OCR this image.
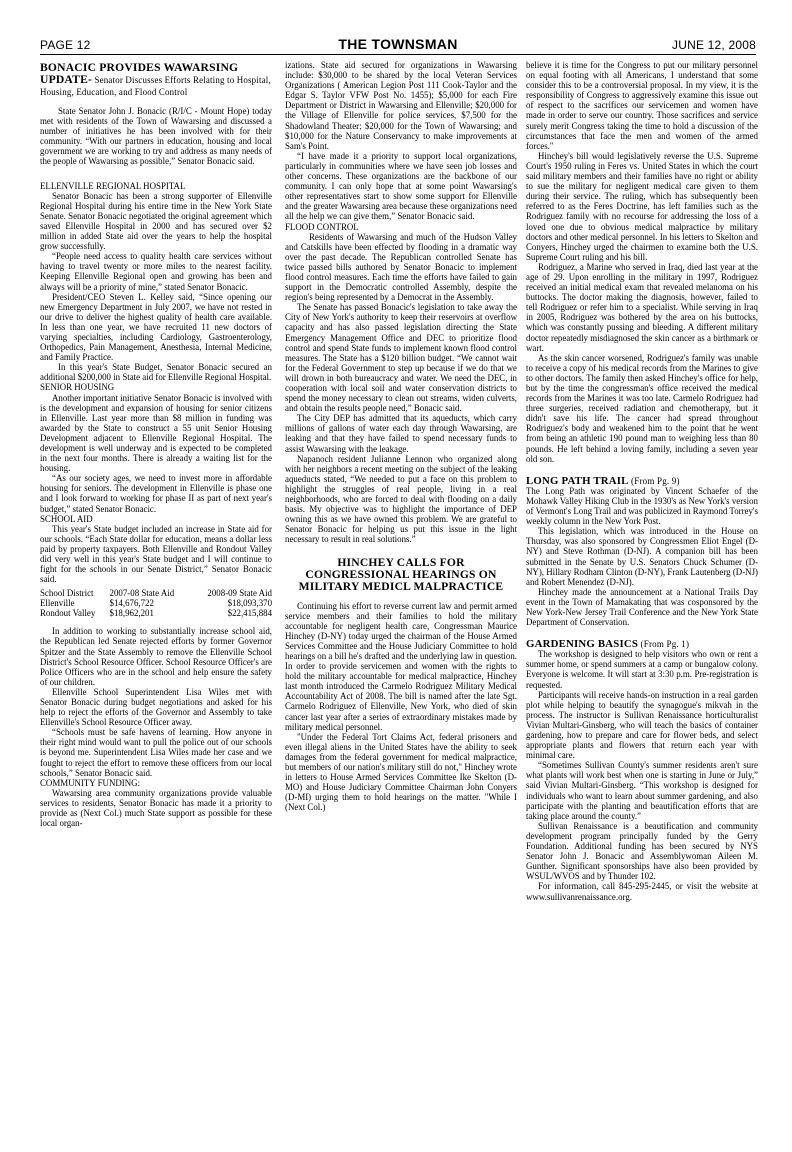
PAGE 12	THE TOWNSMAN	JUNE 12, 2008
BONACIC PROVIDES WAWARSING UPDATE- Senator Discusses Efforts Relating to Hospital, Housing, Education, and Flood Control

State Senator John J. Bonacic (R/I/C - Mount Hope) today met with residents of the Town of Wawarsing and discussed a number of initiatives he has been involved with for their community. “With our partners in education, housing and local government we are working to try and address as many needs of the people of Wawarsing as possible,” Senator Bonacic said.

ELLENVILLE REGIONAL HOSPITAL

Senator Bonacic has been a strong supporter of Ellenville Regional Hospital during his entire time in the New York State Senate. Senator Bonacic negotiated the original agreement which saved Ellenville Hospital in 2000 and has secured over $2 million in added State aid over the years to help the hospital grow successfully.

“People need access to quality health care services without having to travel twenty or more miles to the nearest facility. Keeping Ellenville Regional open and growing has been and always will be a priority of mine,” stated Senator Bonacic.

President/CEO Steven L. Kelley said, “Since opening our new Emergency Department in July 2007, we have not rested in our drive to deliver the highest quality of health care available. In less than one year, we have recruited 11 new doctors of varying specialties, including Cardiology, Gastroenterology, Orthopedics, Pain Management, Anesthesia, Internal Medicine, and Family Practice.

In this year's State Budget, Senator Bonacic secured an additional $200,000 in State aid for Ellenville Regional Hospital.

SENIOR HOUSING

Another important initiative Senator Bonacic is involved with is the development and expansion of housing for senior citizens in Ellenville. Last year more than $8 million in funding was awarded by the State to construct a 55 unit Senior Housing Development adjacent to Ellenville Regional Hospital. The development is well underway and is expected to be completed in the next four months. There is already a waiting list for the housing.

“As our society ages, we need to invest more in affordable housing for seniors. The development in Ellenville is phase one and I look forward to working for phase II as part of next year's budget,” stated Senator Bonacic.

SCHOOL AID

This year's State budget included an increase in State aid for our schools. “Each State dollar for education, means a dollar less paid by property taxpayers. Both Ellenville and Rondout Valley did very well in this year's State budget and I will continue to fight for the schools in our Senate District,” Senator Bonacic said.

School District	2007-08 State Aid	2008-09 State Aid
Ellenville	$14,676,722	$18,093,370
Rondout Valley	$18,962,201	$22,415,884

In addition to working to substantially increase school aid, the Republican led Senate rejected efforts by former Governor Spitzer and the State Assembly to remove the Ellenville School District's School Resource Officer. School Resource Officer's are Police Officers who are in the school and help ensure the safety of our children.

Ellenville School Superintendent Lisa Wiles met with Senator Bonacic during budget negotiations and asked for his help to reject the efforts of the Governor and Assembly to take Ellenville's School Resource Officer away.

“Schools must be safe havens of learning. How anyone in their right mind would want to pull the police out of our schools is beyond me. Superintendent Lisa Wiles made her case and we fought to reject the effort to remove these officers from our local schools,” Senator Bonacic said.

COMMUNITY FUNDING:

Wawarsing area community organizations provide valuable services to residents, Senator Bonacic has made it a priority to provide as (Next Col.) much State support as possible for these local organ-

izations. State aid secured for organizations in Wawarsing include: $30,000 to be shared by the local Veteran Services Organizations ( American Legion Post 111 Cook-Taylor and the Edgar S. Taylor VFW Post No. 1455); $5,000 for each Fire Department or District in Wawarsing and Ellenville; $20,000 for the Village of Ellenville for police services, $7,500 for the Shadowland Theater; $20,000 for the Town of Wawarsing; and $10,000 for the Nature Conservancy to make improvements at Sam's Point.

“I have made it a priority to support local organizations, particularly in communities where we have seen job losses and other concerns. These organizations are the backbone of our community. I can only hope that at some point Wawarsing's other representatives start to show some support for Ellenville and the greater Wawarsing area because these organizations need all the help we can give them,” Senator Bonacic said.

FLOOD CONTROL

Residents of Wawarsing and much of the Hudson Valley and Catskills have been effected by flooding in a dramatic way over the past decade. The Republican controlled Senate has twice passed bills authored by Senator Bonacic to implement flood control measures. Each time the efforts have failed to gain support in the Democratic controlled Assembly, despite the region's being represented by a Democrat in the Assembly.

The Senate has passed Bonacic's legislation to take away the City of New York's authority to keep their reservoirs at overflow capacity and has also passed legislation directing the State Emergency Management Office and DEC to prioritize flood control and spend State funds to implement known flood control measures. The State has a $120 billion budget. “We cannot wait for the Federal Government to step up because if we do that we will drown in both bureaucracy and water. We need the DEC, in cooperation with local soil and water conservation districts to spend the money necessary to clean out streams, widen culverts, and obtain the results people need,” Bonacic said.

The City DEP has admitted that its aqueducts, which carry millions of gallons of water each day through Wawarsing, are leaking and that they have failed to spend necessary funds to assist Wawarsing with the leakage.

Napanoch resident Julianne Lennon who organized along with her neighbors a recent meeting on the subject of the leaking aqueducts stated, “We needed to put a face on this problem to highlight the struggles of real people, living in a real neighborhoods, who are forced to deal with flooding on a daily basis. My objective was to highlight the importance of DEP owning this as we have owned this problem. We are grateful to Senator Bonacic for helping us put this issue in the light necessary to result in real solutions.”

HINCHEY CALLS FOR CONGRESSIONAL HEARINGS ON MILITARY MEDICL MALPRACTICE

Continuing his effort to reverse current law and permit armed service members and their families to hold the military accountable for negligent health care, Congressman Maurice Hinchey (D-NY) today urged the chairman of the House Armed Services Committee and the House Judiciary Committee to hold hearings on a bill he's drafted and the underlying law in question. In order to provide servicemen and women with the rights to hold the military accountable for medical malpractice, Hinchey last month introduced the Carmelo Rodriguez Military Medical Accountability Act of 2008. The bill is named after the late Sgt. Carmelo Rodriguez of Ellenville, New York, who died of skin cancer last year after a series of extraordinary mistakes made by military medical personnel.

"Under the Federal Tort Claims Act, federal prisoners and even illegal aliens in the United States have the ability to seek damages from the federal government for medical malpractice, but members of our nation's military still do not," Hinchey wrote in letters to House Armed Services Committee Ike Skelton (D-MO) and House Judiciary Committee Chairman John Conyers (D-MI) urging them to hold hearings on the matter. "While I (Next Col.)

believe it is time for the Congress to put our military personnel on equal footing with all Americans, I understand that some consider this to be a controversial proposal. In my view, it is the responsibility of Congress to aggressively examine this issue out of respect to the sacrifices our servicemen and women have made in order to serve our country. Those sacrifices and service surely merit Congress taking the time to hold a discussion of the circumstances that face the men and women of the armed forces."

Hinchey's bill would legislatively reverse the U.S. Supreme Court's 1950 ruling in Feres vs. United States in which the court said military members and their families have no right or ability to sue the military for negligent medical care given to them during their service. The ruling, which has subsequently been referred to as the Feres Doctrine, has left families such as the Rodriguez family with no recourse for addressing the loss of a loved one due to obvious medical malpractice by military doctors and other medical personnel. In his letters to Skelton and Conyers, Hinchey urged the chairmen to examine both the U.S. Supreme Court ruling and his bill.

Rodriguez, a Marine who served in Iraq, died last year at the age of 29. Upon enrolling in the military in 1997, Rodriguez received an initial medical exam that revealed melanoma on his buttocks. The doctor making the diagnosis, however, failed to tell Rodriguez or refer him to a specialist. While serving in Iraq in 2005, Rodriguez was bothered by the area on his buttocks, which was constantly pussing and bleeding. A different military doctor repeatedly misdiagnosed the skin cancer as a birthmark or wart.

As the skin cancer worsened, Rodriguez's family was unable to receive a copy of his medical records from the Marines to give to other doctors. The family then asked Hinchey's office for help, but by the time the congressman's office received the medical records from the Marines it was too late. Carmelo Rodriguez had three surgeries, received radiation and chemotherapy, but it didn't save his life. The cancer had spread throughout Rodriguez's body and weakened him to the point that he went from being an athletic 190 pound man to weighing less than 80 pounds. He left behind a loving family, including a seven year old son.

LONG PATH TRAIL (From Pg. 9)

The Long Path was originated by Vincent Schaefer of the Mohawk Valley Hiking Club in the 1930's as New York's version of Vermont's Long Trail and was publicized in Raymond Torrey's weekly column in the New York Post.

This legislation, which was introduced in the House on Thursday, was also sponsored by Congressmen Eliot Engel (D-NY) and Steve Rothman (D-NJ). A companion bill has been submitted in the Senate by U.S. Senators Chuck Schumer (D-NY), Hillary Rodham Clinton (D-NY), Frank Lautenberg (D-NJ) and Robert Menendez (D-NJ).

Hinchey made the announcement at a National Trails Day event in the Town of Mamakating that was cosponsored by the New York-New Jersey Trail Conference and the New York State Department of Conservation.

GARDENING BASICS (From Pg. 1)

The workshop is designed to help visitors who own or rent a summer home, or spend summers at a camp or bungalow colony. Everyone is welcome. It will start at 3:30 p.m. Pre-registration is requested.

Participants will receive hands-on instruction in a real garden plot while helping to beautify the synagogue's mikvah in the process. The instructor is Sullivan Renaissance horticulturalist Vivian Multari-Ginsberg, who will teach the basics of container gardening, how to prepare and care for flower beds, and select appropriate plants and flowers that return each year with minimal care.

“Sometimes Sullivan County's summer residents aren't sure what plants will work best when one is starting in June or July,” said Vivian Multari-Ginsberg. “This workshop is designed for individuals who want to learn about summer gardening, and also participate with the planting and beautification efforts that are taking place around the county.”

Sullivan Renaissance is a beautification and community development program principally funded by the Gerry Foundation. Additional funding has been secured by NYS Senator John J. Bonacic and Assemblywoman Aileen M. Gunther. Significant sponsorships have also been provided by WSUL/WVOS and by Thunder 102.

For information, call 845-295-2445, or visit the website at www.sullivanrenaissance.org.
